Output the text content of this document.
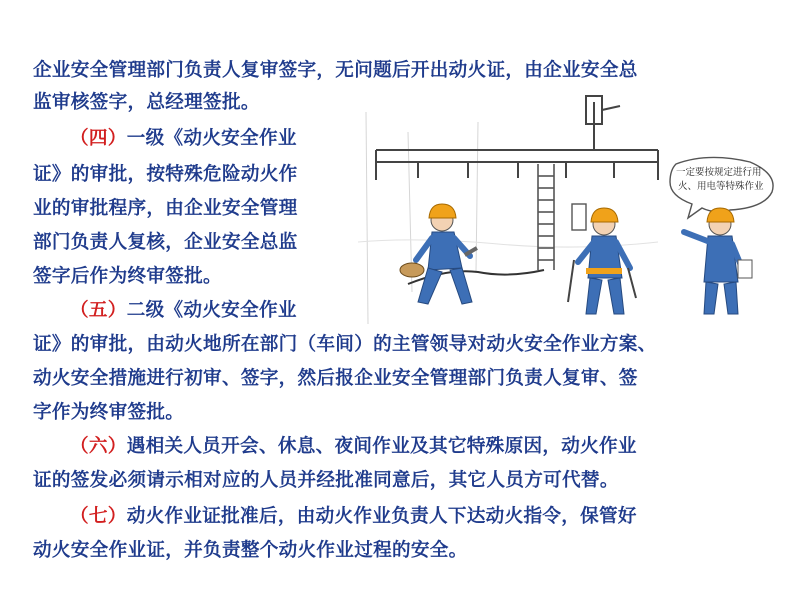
企业安全管理部门负责人复审签字，无问题后开出动火证，由企业安全总
监审核签字，总经理签批。
（四）一级《动火安全作业
证》的审批，按特殊危险动火作
业的审批程序，由企业安全管理
部门负责人复核，企业安全总监
签字后作为终审签批。
（五）二级《动火安全作业
证》的审批，由动火地所在部门（车间）的主管领导对动火安全作业方案、
动火安全措施进行初审、签字，然后报企业安全管理部门负责人复审、签
字作为终审签批。
（六）遇相关人员开会、休息、夜间作业及其它特殊原因，动火作业
证的签发必须请示相对应的人员并经批准同意后，其它人员方可代替。
（七）动火作业证批准后，由动火作业负责人下达动火指令，保管好
动火安全作业证，并负责整个动火作业过程的安全。
一定要按规定进行用
火、用电等特殊作业
